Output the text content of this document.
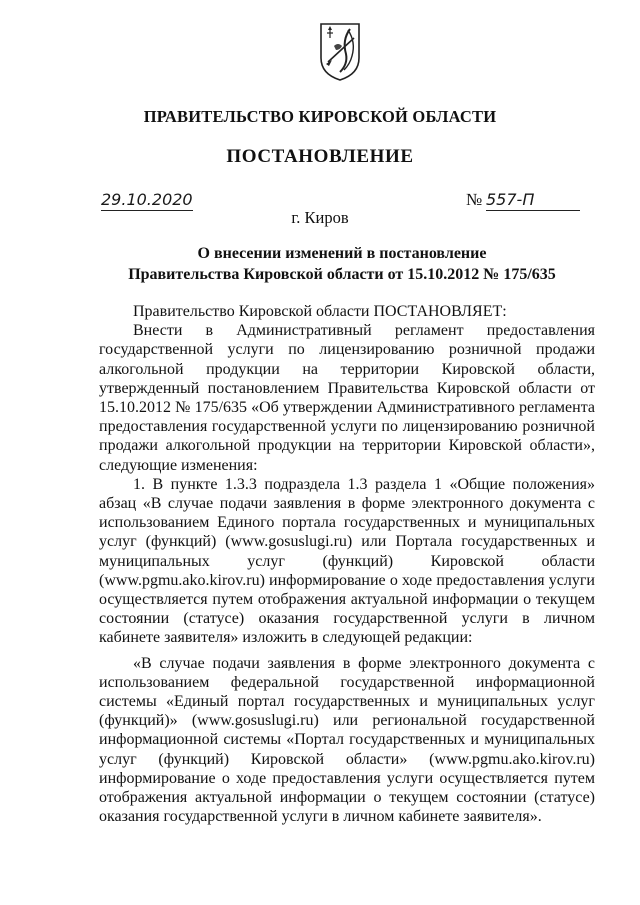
ПРАВИТЕЛЬСТВО КИРОВСКОЙ ОБЛАСТИ
ПОСТАНОВЛЕНИЕ
29.10.2020	№ 557-П
г. Киров
О внесении изменений в постановление
Правительства Кировской области от 15.10.2012 № 175/635

Правительство Кировской области ПОСТАНОВЛЯЕТ:

Внести в Административный регламент предоставления государственной услуги по лицензированию розничной продажи алкогольной продукции на территории Кировской области, утвержденный постановлением Правительства Кировской области от 15.10.2012 № 175/635 «Об утверждении Административного регламента предоставления государственной услуги по лицензированию розничной продажи алкогольной продукции на территории Кировской области», следующие изменения:

1. В пункте 1.3.3 подраздела 1.3 раздела 1 «Общие положения» абзац «В случае подачи заявления в форме электронного документа с использованием Единого портала государственных и муниципальных услуг (функций) (www.gosuslugi.ru) или Портала государственных и муниципальных услуг (функций) Кировской области (www.pgmu.ako.kirov.ru) информирование о ходе предоставления услуги осуществляется путем отображения актуальной информации о текущем состоянии (статусе) оказания государственной услуги в личном кабинете заявителя» изложить в следующей редакции:

«В случае подачи заявления в форме электронного документа с использованием федеральной государственной информационной системы «Единый портал государственных и муниципальных услуг (функций)» (www.gosuslugi.ru) или региональной государственной информационной системы «Портал государственных и муниципальных услуг (функций) Кировской области» (www.pgmu.ako.kirov.ru) информирование о ходе предоставления услуги осуществляется путем отображения актуальной информации о текущем состоянии (статусе) оказания государственной услуги в личном кабинете заявителя».
